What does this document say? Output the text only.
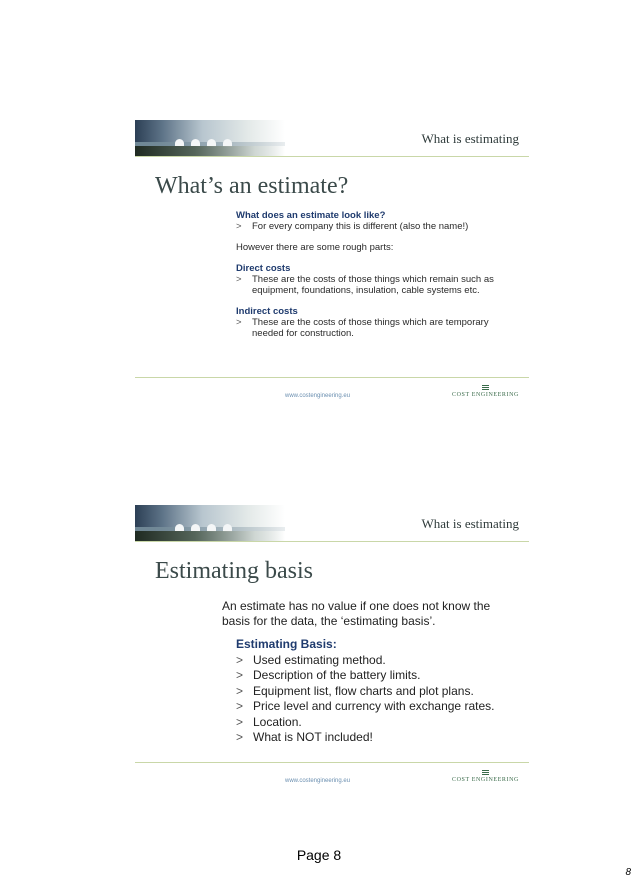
What is estimating
What’s an estimate?
What does an estimate look like?
> For every company this is different (also the name!)
However there are some rough parts:
Direct costs
> These are the costs of those things which remain such as equipment, foundations, insulation, cable systems etc.
Indirect costs
> These are the costs of those things which are temporary needed for construction.
www.costengineering.eu	COST ENGINEERING
What is estimating
Estimating basis
An estimate has no value if one does not know the basis for the data, the ‘estimating basis’.
Estimating Basis:
> Used estimating method.
> Description of the battery limits.
> Equipment list, flow charts and plot plans.
> Price level and currency with exchange rates.
> Location.
> What is NOT included!
www.costengineering.eu	COST ENGINEERING
Page 8
8
